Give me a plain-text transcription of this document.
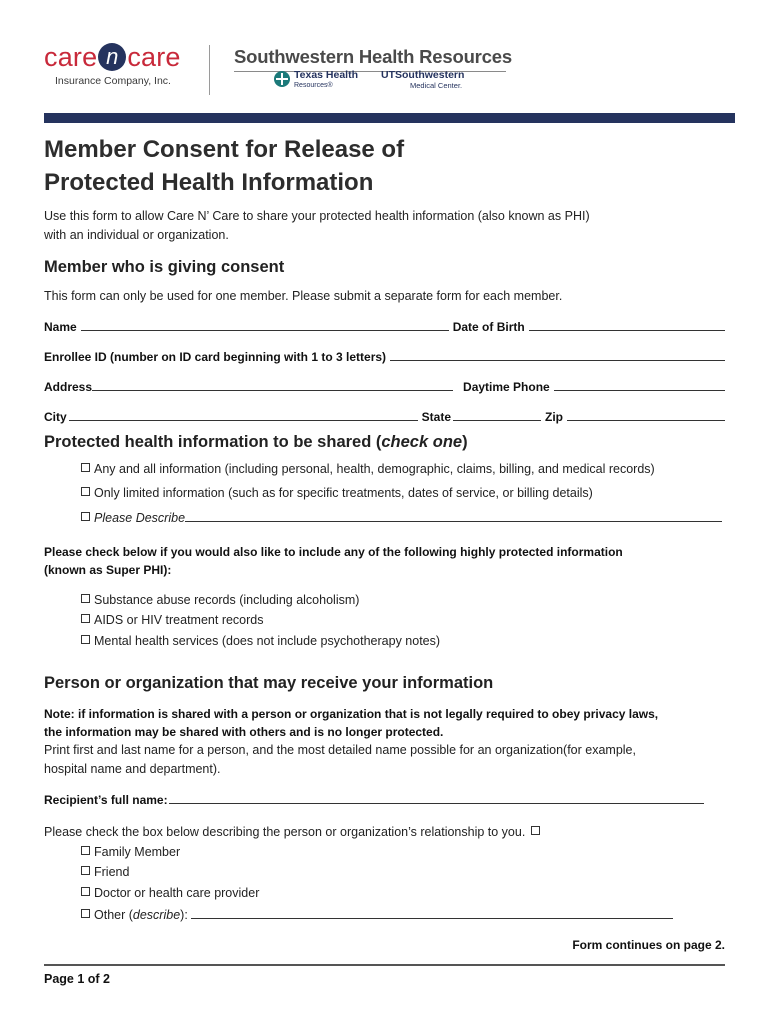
care n care
Insurance Company, Inc.
Southwestern Health Resources
Texas Health
Resources®
UTSouthwestern
Medical Center.
Member Consent for Release of
Protected Health Information
Use this form to allow Care N’ Care to share your protected health information (also known as PHI)
with an individual or organization.
Member who is giving consent
This form can only be used for one member. Please submit a separate form for each member.
Name	Date of Birth
Enrollee ID (number on ID card beginning with 1 to 3 letters)
Address	Daytime Phone
City	State	Zip
Protected health information to be shared (check one)
Any and all information (including personal, health, demographic, claims, billing, and medical records)
Only limited information (such as for specific treatments, dates of service, or billing details)
Please Describe
Please check below if you would also like to include any of the following highly protected information
(known as Super PHI):
Substance abuse records (including alcoholism)
AIDS or HIV treatment records
Mental health services (does not include psychotherapy notes)
Person or organization that may receive your information
Note: if information is shared with a person or organization that is not legally required to obey privacy laws,
the information may be shared with others and is no longer protected.
Print first and last name for a person, and the most detailed name possible for an organization(for example,
hospital name and department).
Recipient’s full name:
Please check the box below describing the person or organization’s relationship to you.
Family Member
Friend
Doctor or health care provider
Other (describe):
Form continues on page 2.
Page 1 of 2
